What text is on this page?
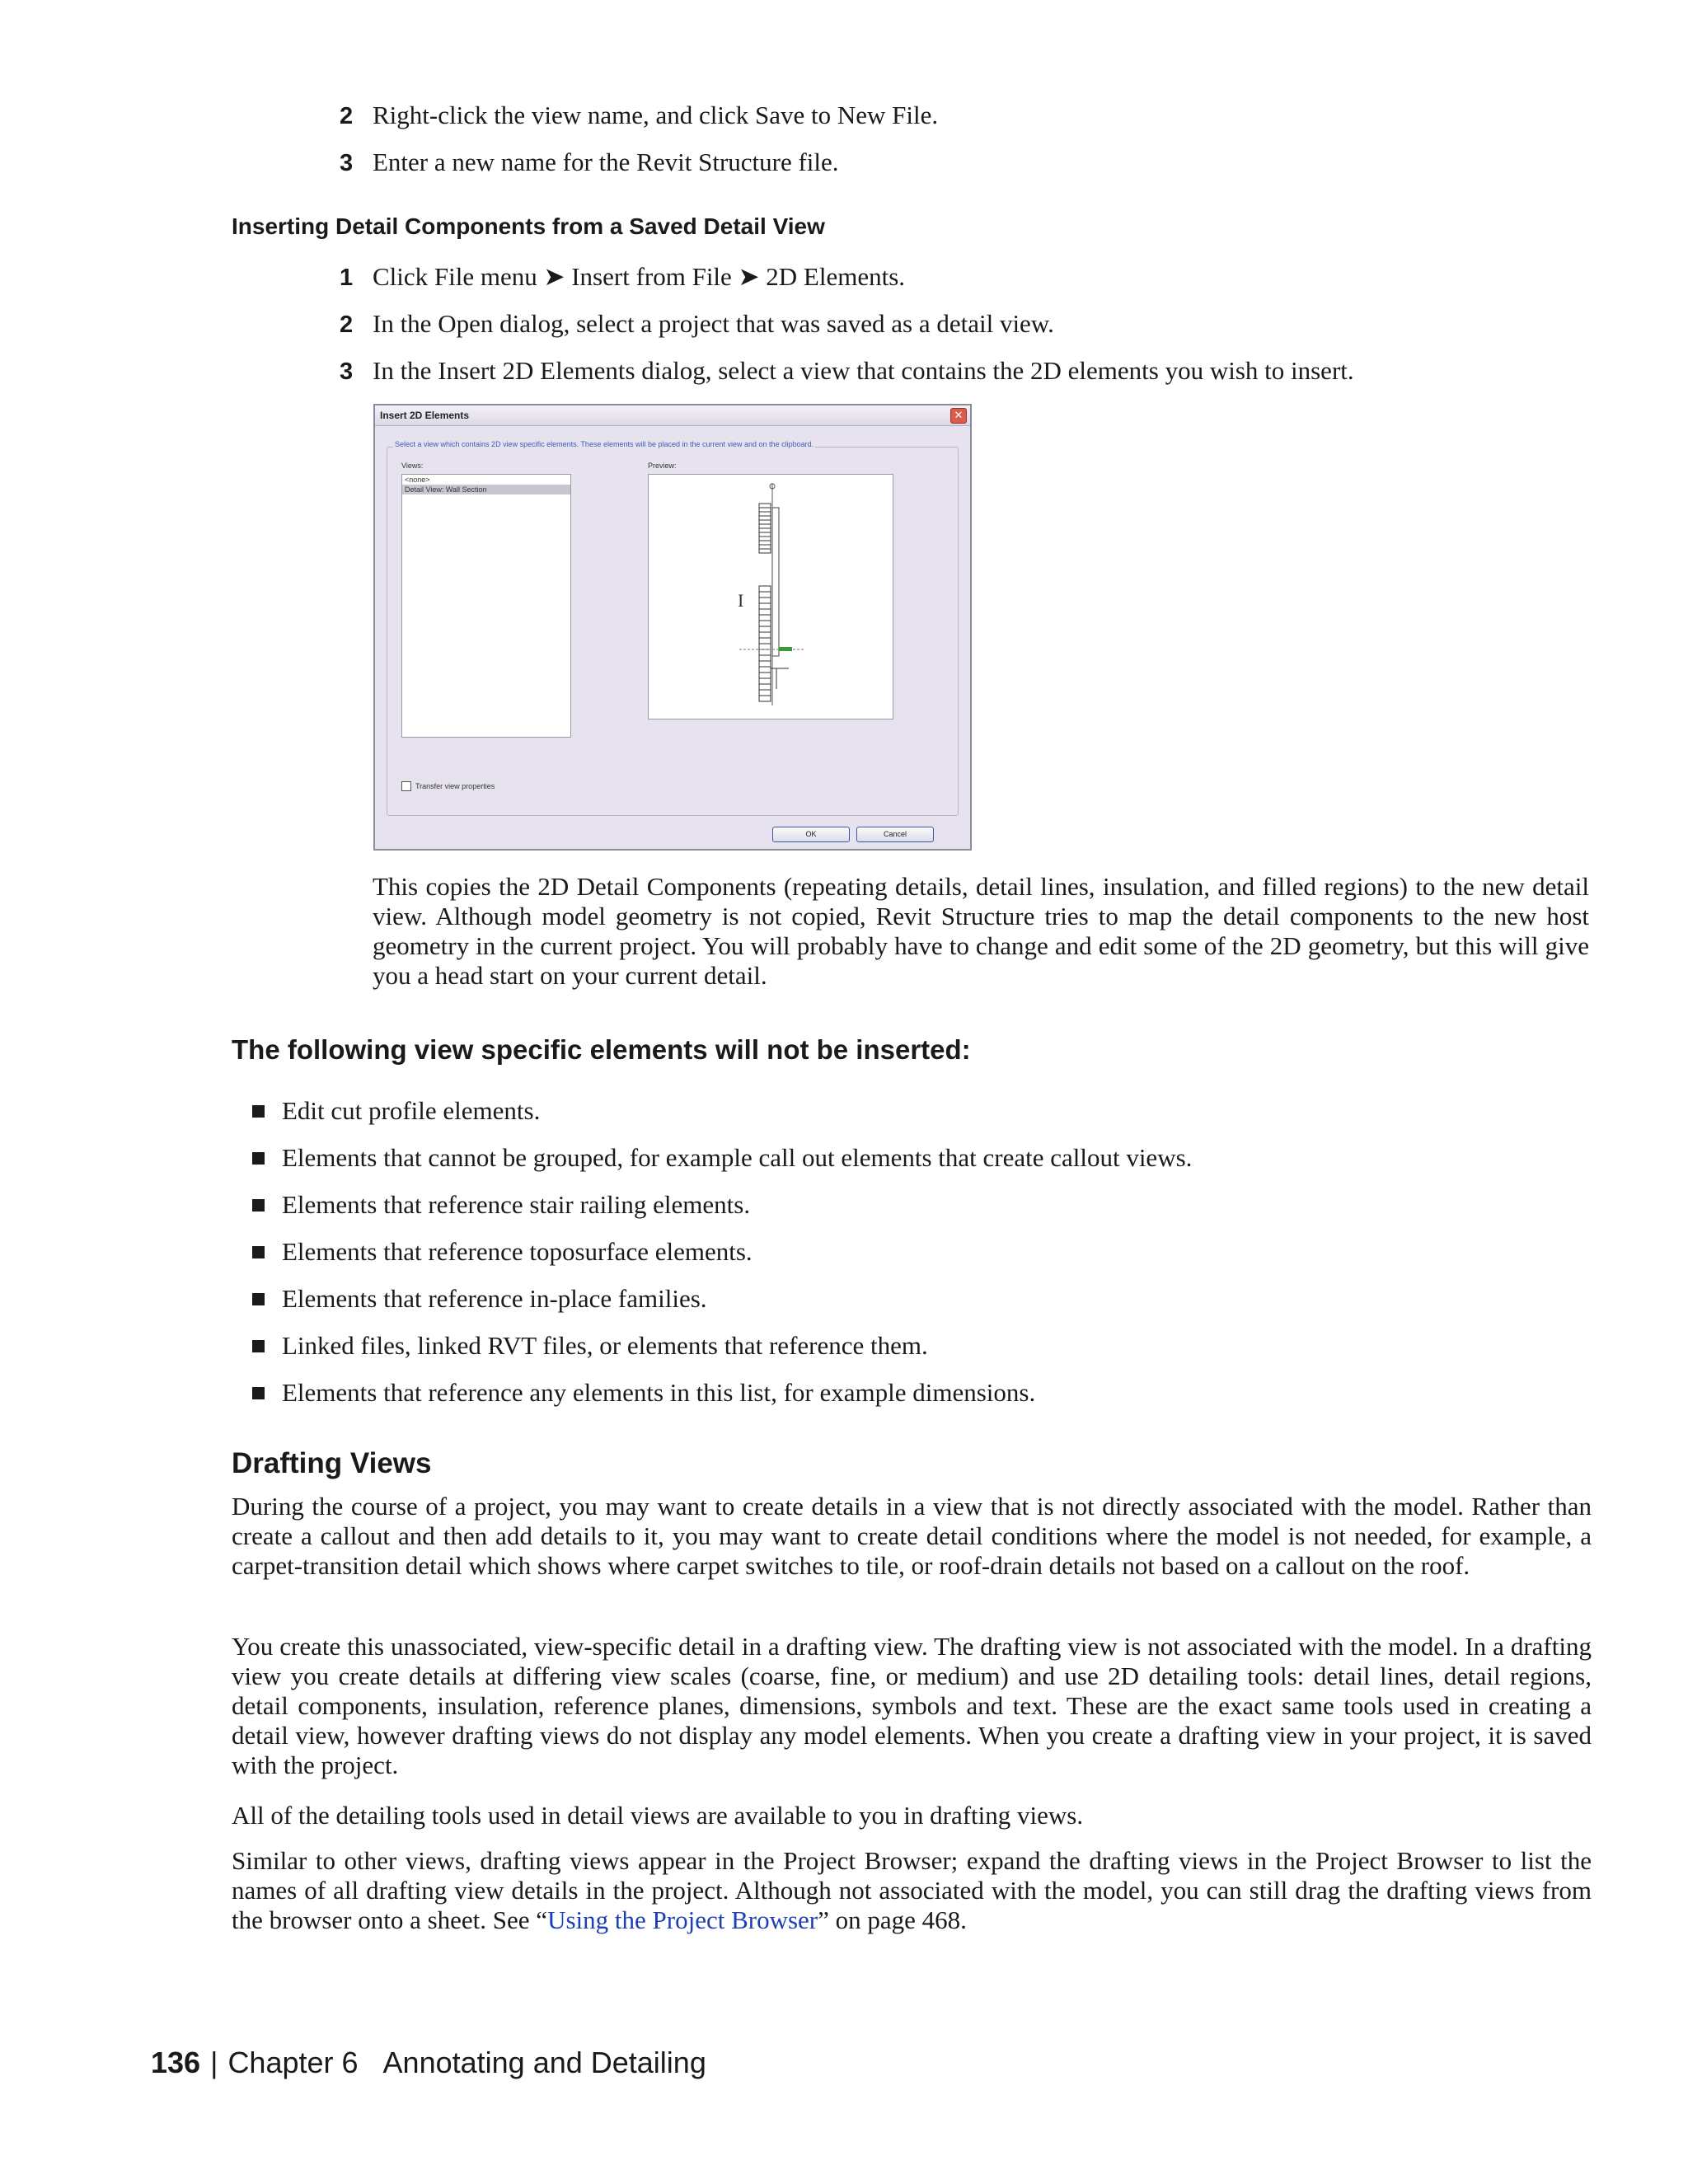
2 Right-click the view name, and click Save to New File.
3 Enter a new name for the Revit Structure file.
Inserting Detail Components from a Saved Detail View
1 Click File menu ➤ Insert from File ➤ 2D Elements.
2 In the Open dialog, select a project that was saved as a detail view.
3 In the Insert 2D Elements dialog, select a view that contains the 2D elements you wish to insert.
Insert 2D Elements	✕
Select a view which contains 2D view specific elements. These elements will be placed in the current view and on the clipboard.
Views:	Preview:
<none>
Detail View: Wall Section
I
Transfer view properties
OK	Cancel

This copies the 2D Detail Components (repeating details, detail lines, insulation, and filled regions) to the new detail view. Although model geometry is not copied, Revit Structure tries to map the detail components to the new host geometry in the current project. You will probably have to change and edit some of the 2D geometry, but this will give you a head start on your current detail.

The following view specific elements will not be inserted:
Edit cut profile elements.
Elements that cannot be grouped, for example call out elements that create callout views.
Elements that reference stair railing elements.
Elements that reference toposurface elements.
Elements that reference in-place families.
Linked files, linked RVT files, or elements that reference them.
Elements that reference any elements in this list, for example dimensions.
Drafting Views

During the course of a project, you may want to create details in a view that is not directly associated with the model. Rather than create a callout and then add details to it, you may want to create detail conditions where the model is not needed, for example, a carpet-transition detail which shows where carpet switches to tile, or roof-drain details not based on a callout on the roof.

You create this unassociated, view-specific detail in a drafting view. The drafting view is not associated with the model. In a drafting view you create details at differing view scales (coarse, fine, or medium) and use 2D detailing tools: detail lines, detail regions, detail components, insulation, reference planes, dimensions, symbols and text. These are the exact same tools used in creating a detail view, however drafting views do not display any model elements. When you create a drafting view in your project, it is saved with the project.

All of the detailing tools used in detail views are available to you in drafting views.

Similar to other views, drafting views appear in the Project Browser; expand the drafting views in the Project Browser to list the names of all drafting view details in the project. Although not associated with the model, you can still drag the drafting views from the browser onto a sheet. See “Using the Project Browser” on page 468.

136 | Chapter 6 Annotating and Detailing
